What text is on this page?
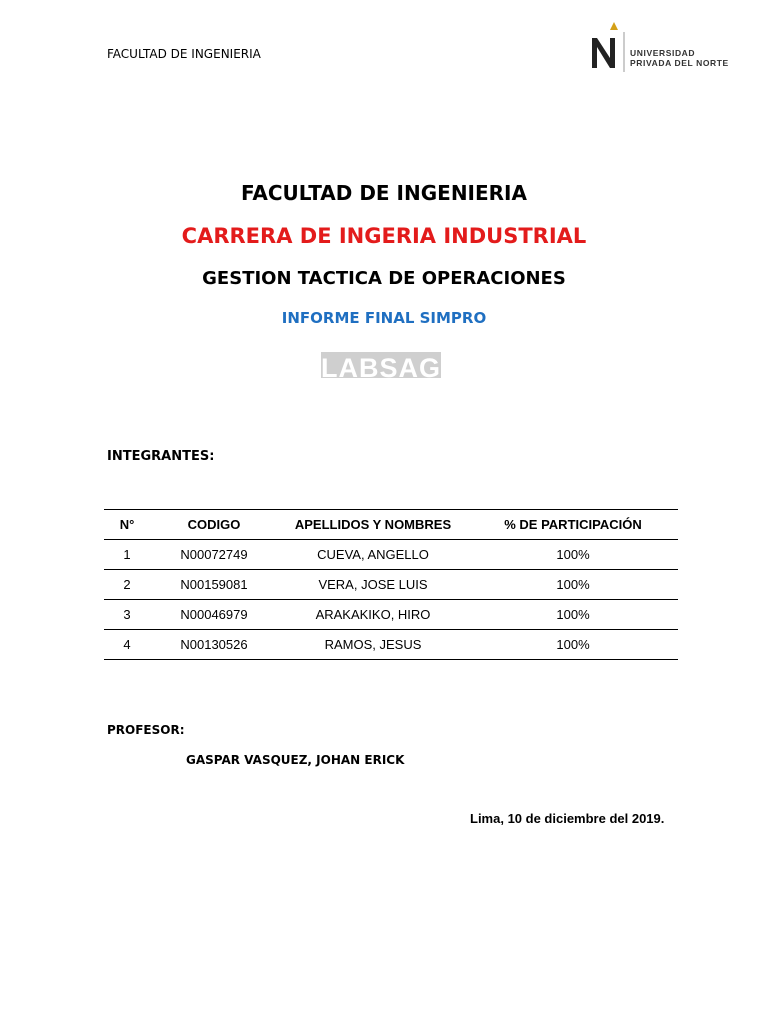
FACULTAD DE INGENIERIA	UNIVERSIDAD
PRIVADA DEL NORTE
FACULTAD DE INGENIERIA
CARRERA DE INGERIA INDUSTRIAL
GESTION TACTICA DE OPERACIONES
INFORME FINAL SIMPRO
LABSAG
INTEGRANTES:
N°	CODIGO	APELLIDOS Y NOMBRES	% DE PARTICIPACIÓN
1	N00072749	CUEVA, ANGELLO	100%
2	N00159081	VERA, JOSE LUIS	100%
3	N00046979	ARAKAKIKO, HIRO	100%
4	N00130526	RAMOS, JESUS	100%
PROFESOR:
GASPAR VASQUEZ, JOHAN ERICK
Lima, 10 de diciembre del 2019.
